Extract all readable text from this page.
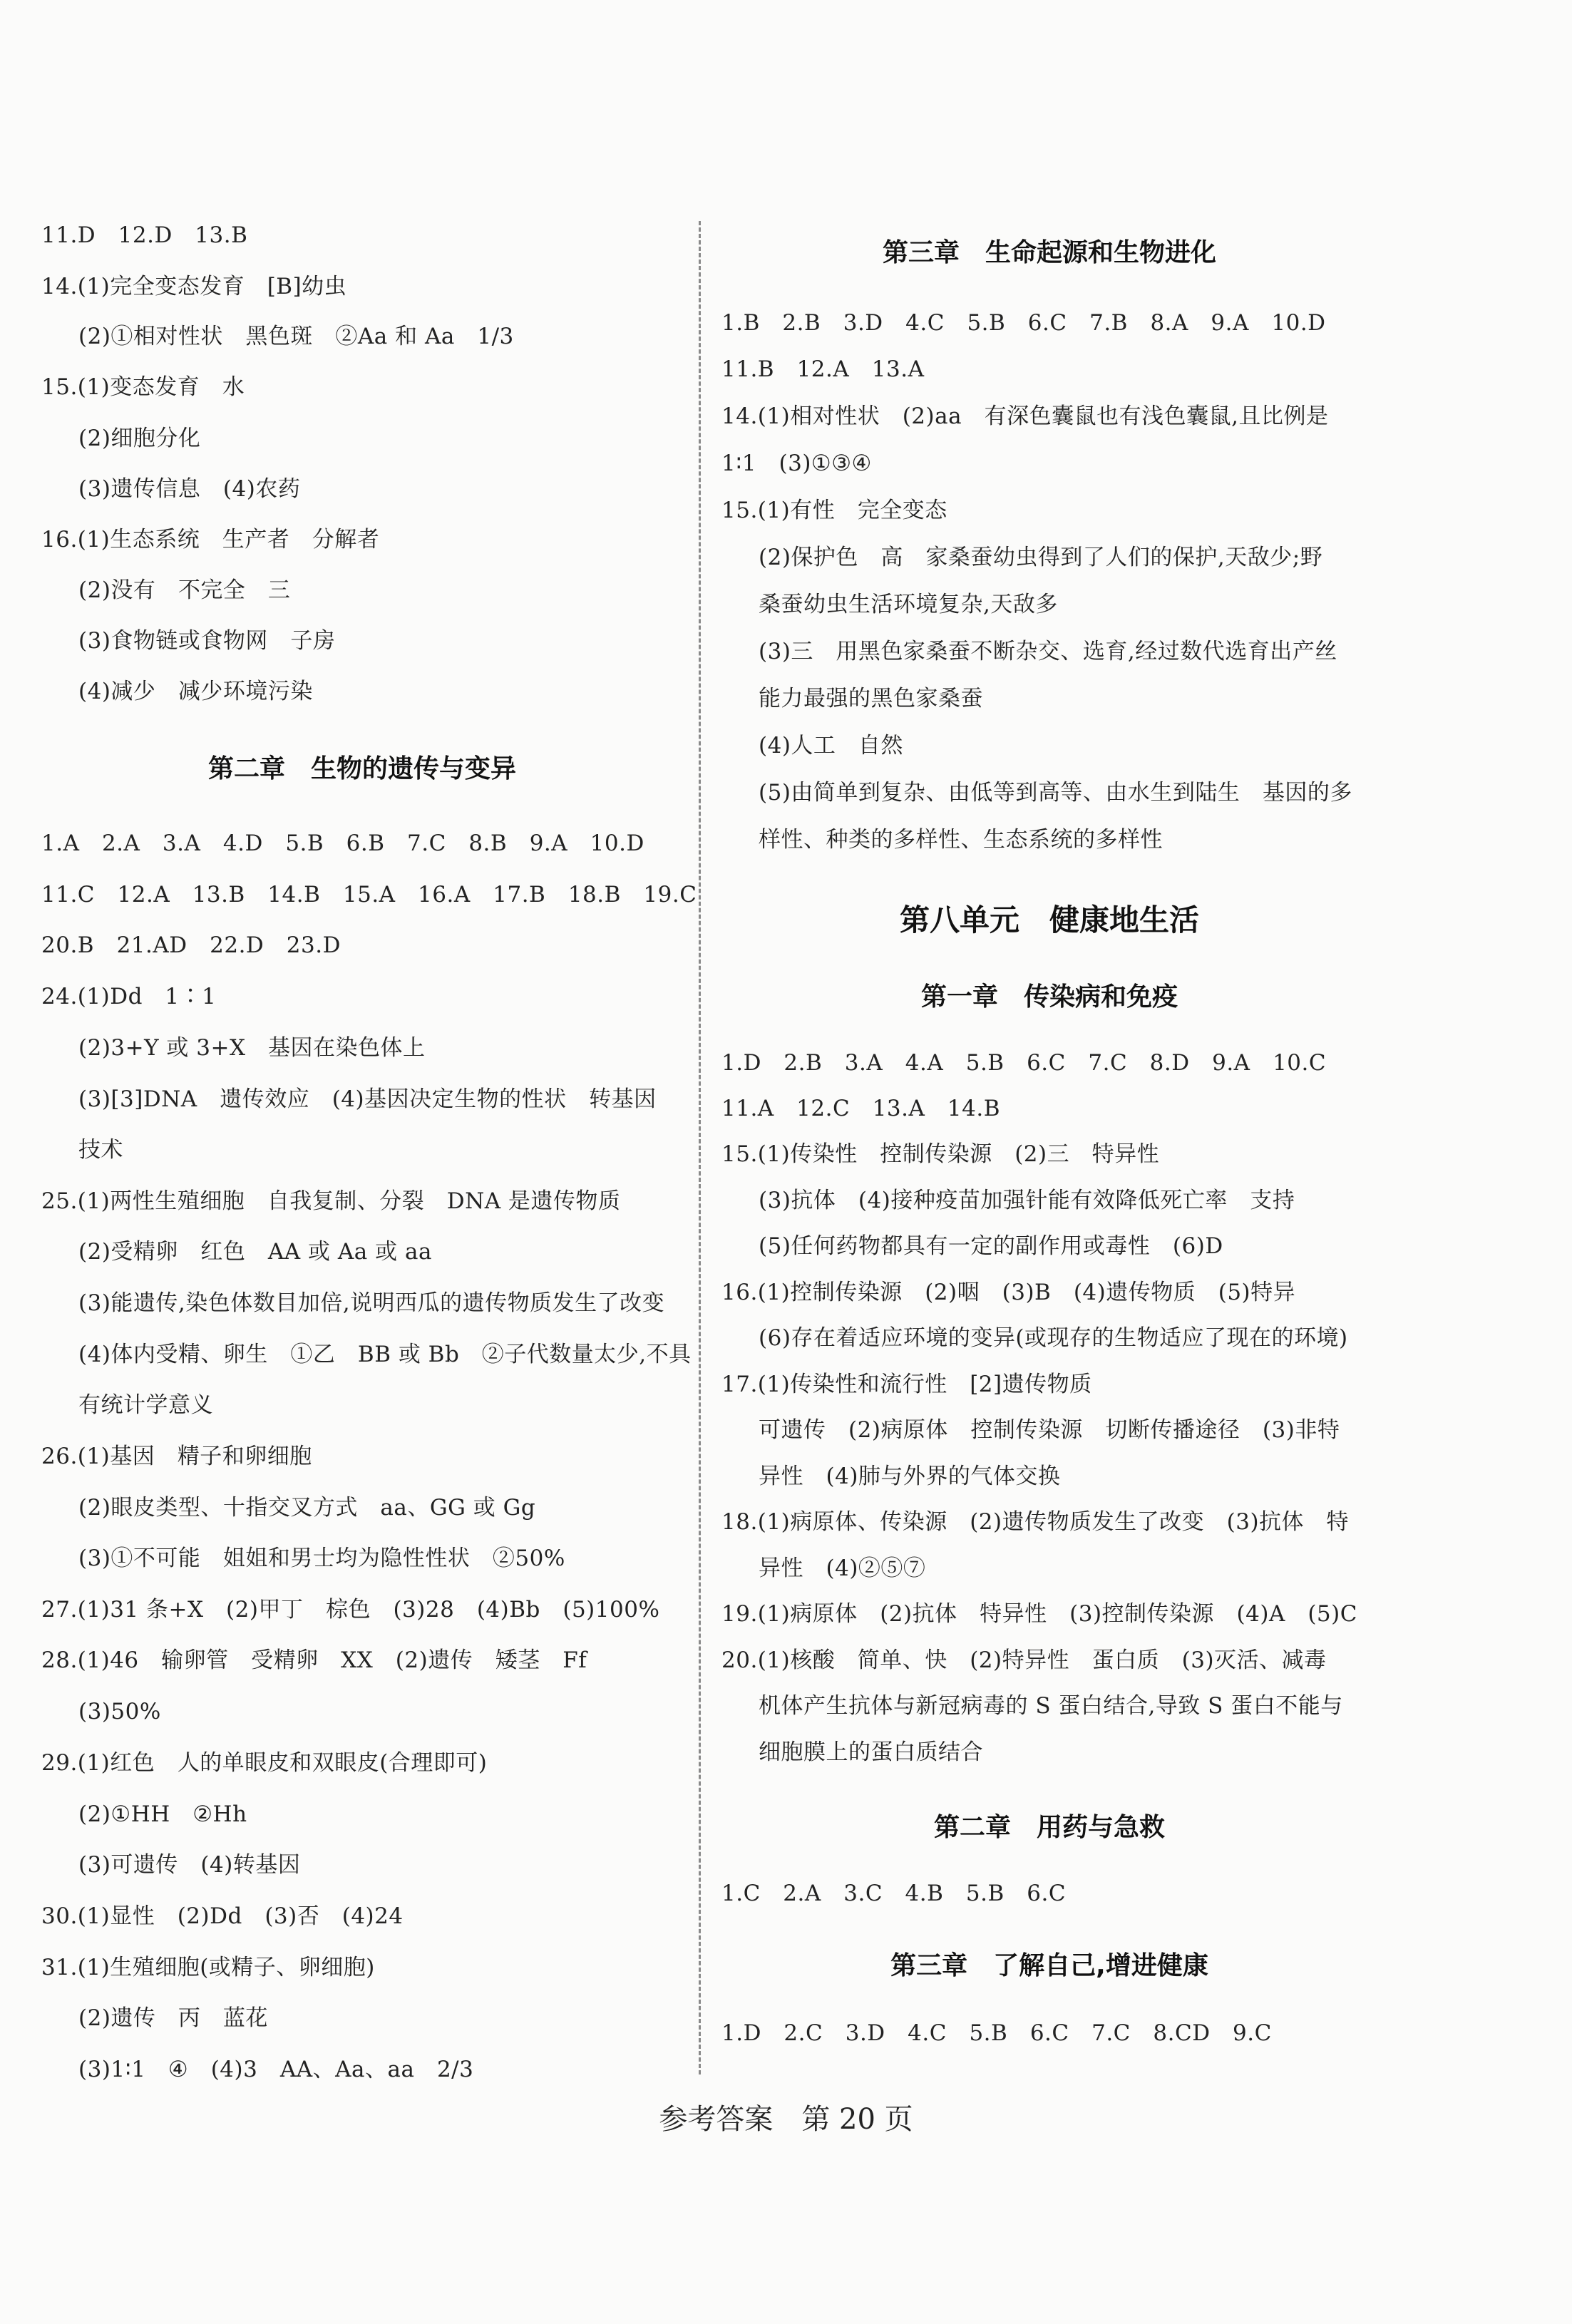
11.D　12.D　13.B
14.(1)完全变态发育　[B]幼虫
(2)①相对性状　黑色斑　②Aa 和 Aa　1/3
15.(1)变态发育　水
(2)细胞分化
(3)遗传信息　(4)农药
16.(1)生态系统　生产者　分解者
(2)没有　不完全　三
(3)食物链或食物网　子房
(4)减少　减少环境污染
第二章　生物的遗传与变异
1.A　2.A　3.A　4.D　5.B　6.B　7.C　8.B　9.A　10.D
11.C　12.A　13.B　14.B　15.A　16.A　17.B　18.B　19.C
20.B　21.AD　22.D　23.D
24.(1)Dd　1∶1
(2)3+Y 或 3+X　基因在染色体上
(3)[3]DNA　遗传效应　(4)基因决定生物的性状　转基因
技术
25.(1)两性生殖细胞　自我复制、分裂　DNA 是遗传物质
(2)受精卵　红色　AA 或 Aa 或 aa
(3)能遗传,染色体数目加倍,说明西瓜的遗传物质发生了改变
(4)体内受精、卵生　①乙　BB 或 Bb　②子代数量太少,不具
有统计学意义
26.(1)基因　精子和卵细胞
(2)眼皮类型、十指交叉方式　aa、GG 或 Gg
(3)①不可能　姐姐和男士均为隐性性状　②50%
27.(1)31 条+X　(2)甲丁　棕色　(3)28　(4)Bb　(5)100%
28.(1)46　输卵管　受精卵　XX　(2)遗传　矮茎　Ff
(3)50%
29.(1)红色　人的单眼皮和双眼皮(合理即可)
(2)①HH　②Hh
(3)可遗传　(4)转基因
30.(1)显性　(2)Dd　(3)否　(4)24
31.(1)生殖细胞(或精子、卵细胞)
(2)遗传　丙　蓝花
(3)1∶1　④　(4)3　AA、Aa、aa　2/3
第三章　生命起源和生物进化
1.B　2.B　3.D　4.C　5.B　6.C　7.B　8.A　9.A　10.D
11.B　12.A　13.A
14.(1)相对性状　(2)aa　有深色囊鼠也有浅色囊鼠,且比例是
1∶1　(3)①③④
15.(1)有性　完全变态
(2)保护色　高　家桑蚕幼虫得到了人们的保护,天敌少;野
桑蚕幼虫生活环境复杂,天敌多
(3)三　用黑色家桑蚕不断杂交、选育,经过数代选育出产丝
能力最强的黑色家桑蚕
(4)人工　自然
(5)由简单到复杂、由低等到高等、由水生到陆生　基因的多
样性、种类的多样性、生态系统的多样性
第八单元　健康地生活
第一章　传染病和免疫
1.D　2.B　3.A　4.A　5.B　6.C　7.C　8.D　9.A　10.C
11.A　12.C　13.A　14.B
15.(1)传染性　控制传染源　(2)三　特异性
(3)抗体　(4)接种疫苗加强针能有效降低死亡率　支持
(5)任何药物都具有一定的副作用或毒性　(6)D
16.(1)控制传染源　(2)咽　(3)B　(4)遗传物质　(5)特异
(6)存在着适应环境的变异(或现存的生物适应了现在的环境)
17.(1)传染性和流行性　[2]遗传物质
可遗传　(2)病原体　控制传染源　切断传播途径　(3)非特
异性　(4)肺与外界的气体交换
18.(1)病原体、传染源　(2)遗传物质发生了改变　(3)抗体　特
异性　(4)②⑤⑦
19.(1)病原体　(2)抗体　特异性　(3)控制传染源　(4)A　(5)C
20.(1)核酸　简单、快　(2)特异性　蛋白质　(3)灭活、减毒
机体产生抗体与新冠病毒的 S 蛋白结合,导致 S 蛋白不能与
细胞膜上的蛋白质结合
第二章　用药与急救
1.C　2.A　3.C　4.B　5.B　6.C
第三章　了解自己,增进健康
1.D　2.C　3.D　4.C　5.B　6.C　7.C　8.CD　9.C
参考答案　第 20 页
